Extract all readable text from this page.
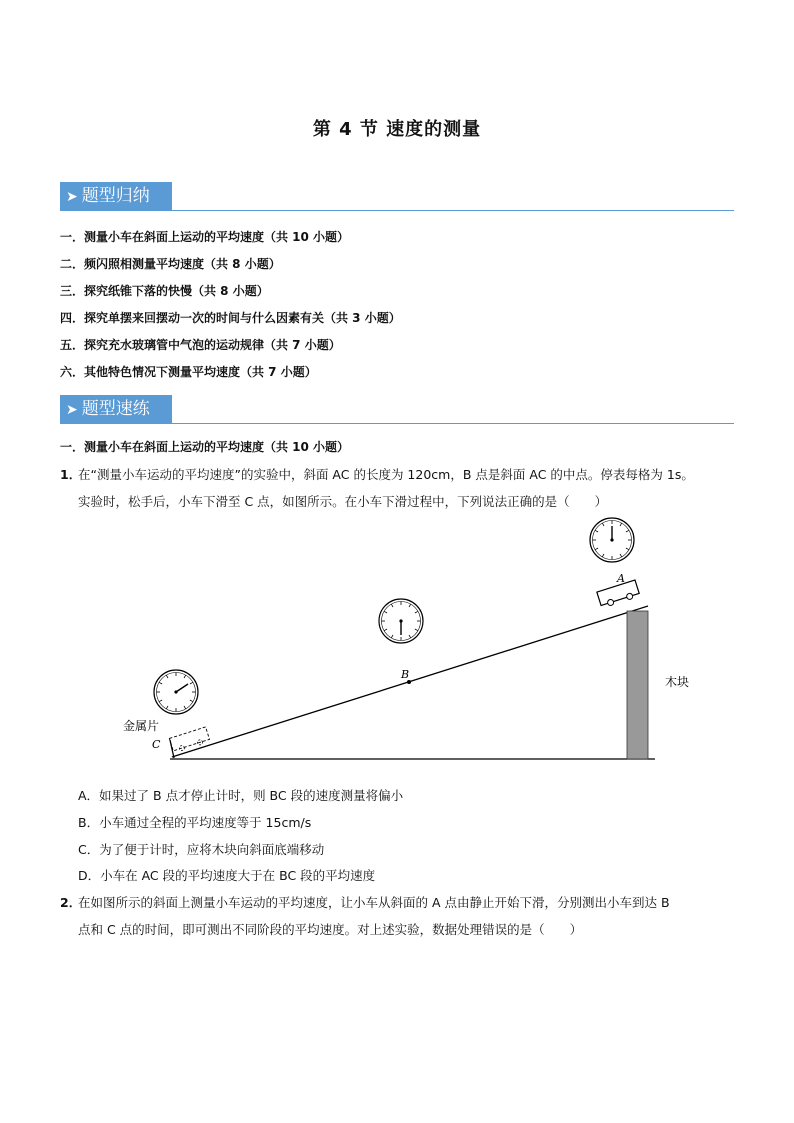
第 4 节 速度的测量
➤ 题型归纳
一．测量小车在斜面上运动的平均速度（共 10 小题）
二．频闪照相测量平均速度（共 8 小题）
三．探究纸锥下落的快慢（共 8 小题）
四．探究单摆来回摆动一次的时间与什么因素有关（共 3 小题）
五．探究充水玻璃管中气泡的运动规律（共 7 小题）
六．其他特色情况下测量平均速度（共 7 小题）
➤ 题型速练
一．测量小车在斜面上运动的平均速度（共 10 小题）
1．
在“测量小车运动的平均速度”的实验中，斜面 AC 的长度为 120cm，B 点是斜面 AC 的中点。停表每格为 1s。
实验时，松手后，小车下滑至 C 点，如图所示。在小车下滑过程中，下列说法正确的是（　　）
木块
B
A
金属片
C
A．如果过了 B 点才停止计时，则 BC 段的速度测量将偏小
B．小车通过全程的平均速度等于 15cm/s
C．为了便于计时，应将木块向斜面底端移动
D．小车在 AC 段的平均速度大于在 BC 段的平均速度
2．
在如图所示的斜面上测量小车运动的平均速度，让小车从斜面的 A 点由静止开始下滑，分别测出小车到达 B
点和 C 点的时间，即可测出不同阶段的平均速度。对上述实验，数据处理错误的是（　　）
